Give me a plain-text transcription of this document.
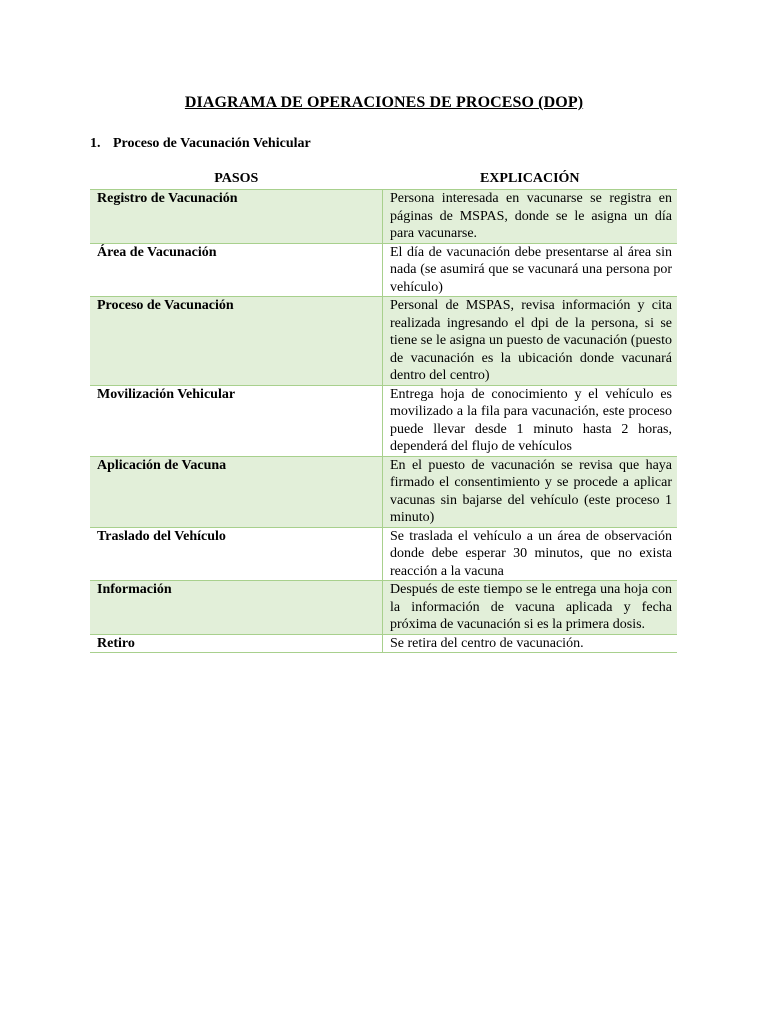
DIAGRAMA DE OPERACIONES DE PROCESO (DOP)
1. Proceso de Vacunación Vehicular
PASOS	EXPLICACIÓN
Registro de Vacunación	Persona interesada en vacunarse se registra en páginas de MSPAS, donde se le asigna un día para vacunarse.
Área de Vacunación	El día de vacunación debe presentarse al área sin nada (se asumirá que se vacunará una persona por vehículo)
Proceso de Vacunación	Personal de MSPAS, revisa información y cita realizada ingresando el dpi de la persona, si se tiene se le asigna un puesto de vacunación (puesto de vacunación es la ubicación donde vacunará dentro del centro)
Movilización Vehicular	Entrega hoja de conocimiento y el vehículo es movilizado a la fila para vacunación, este proceso puede llevar desde 1 minuto hasta 2 horas, dependerá del flujo de vehículos
Aplicación de Vacuna	En el puesto de vacunación se revisa que haya firmado el consentimiento y se procede a aplicar vacunas sin bajarse del vehículo (este proceso 1 minuto)
Traslado del Vehículo	Se traslada el vehículo a un área de observación donde debe esperar 30 minutos, que no exista reacción a la vacuna
Información	Después de este tiempo se le entrega una hoja con la información de vacuna aplicada y fecha próxima de vacunación si es la primera dosis.
Retiro	Se retira del centro de vacunación.
